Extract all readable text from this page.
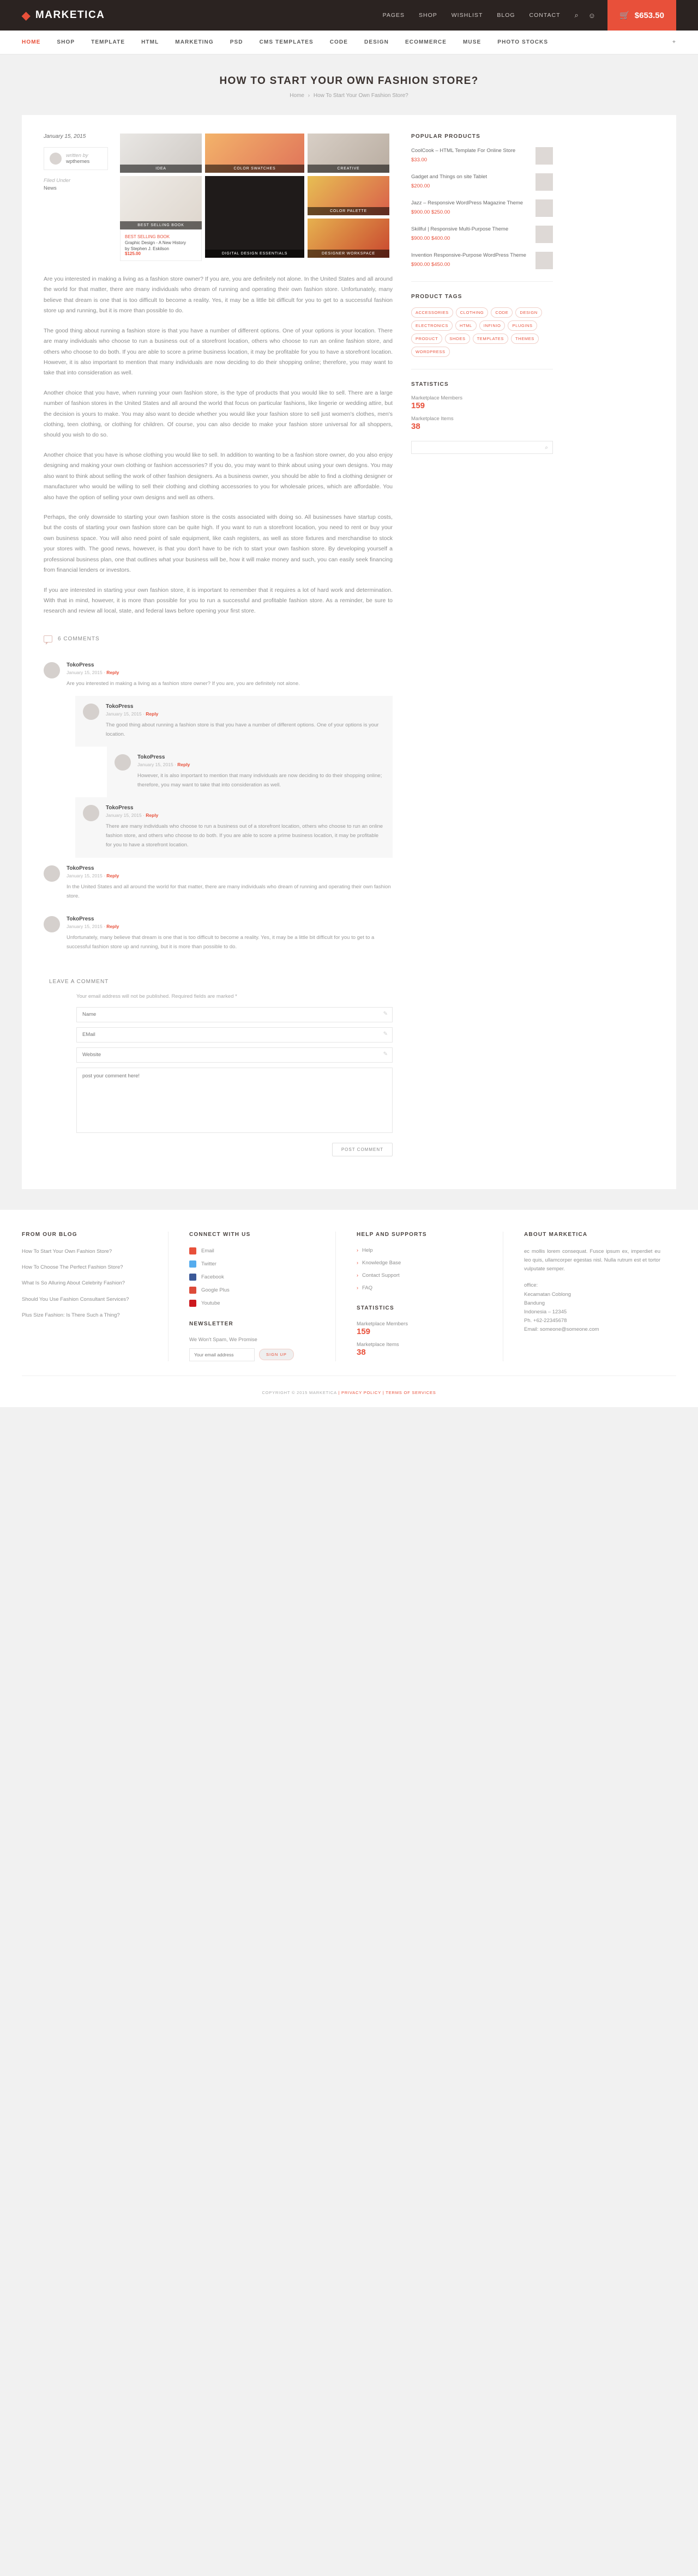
◆ MARKETICA	PAGES SHOP WISHLIST BLOG CONTACT ⌕ ☺	🛒 $653.50
HOME	SHOP	TEMPLATE	HTML	MARKETING	PSD	CMS TEMPLATES	CODE	DESIGN	ECOMMERCE	MUSE	PHOTO STOCKS	+
HOW TO START YOUR OWN FASHION STORE?
Home › How To Start Your Own Fashion Store?
January 15, 2015
written by
wpthemes
Filed Under
News
IDEA	COLOR SWATCHES	CREATIVE
BEST SELLING BOOK
BEST SELLING BOOK
Graphic Design - A New History
by Stephen J. Eskilson
$125.00	DIGITAL DESIGN ESSENTIALS
COLOR PALETTE
DESIGNER WORKSPACE

Are you interested in making a living as a fashion store owner? If you are, you are definitely not alone. In the United States and all around the world for that matter, there are many individuals who dream of running and operating their own fashion store. Unfortunately, many believe that dream is one that is too difficult to become a reality. Yes, it may be a little bit difficult for you to get to a successful fashion store up and running, but it is more than possible to do.

The good thing about running a fashion store is that you have a number of different options. One of your options is your location. There are many individuals who choose to run a business out of a storefront location, others who choose to run an online fashion store, and others who choose to do both. If you are able to score a prime business location, it may be profitable for you to have a storefront location. However, it is also important to mention that many individuals are now deciding to do their shopping online; therefore, you may want to take that into consideration as well.

Another choice that you have, when running your own fashion store, is the type of products that you would like to sell. There are a large number of fashion stores in the United States and all around the world that focus on particular fashions, like lingerie or wedding attire, but the decision is yours to make. You may also want to decide whether you would like your fashion store to sell just women's clothes, men's clothing, teen clothing, or clothing for children. Of course, you can also decide to make your fashion store universal for all shoppers, should you wish to do so.

Another choice that you have is whose clothing you would like to sell. In addition to wanting to be a fashion store owner, do you also enjoy designing and making your own clothing or fashion accessories? If you do, you may want to think about using your own designs. You may also want to think about selling the work of other fashion designers. As a business owner, you should be able to find a clothing designer or manufacturer who would be willing to sell their clothing and clothing accessories to you for wholesale prices, which are affordable. You also have the option of selling your own designs and well as others.

Perhaps, the only downside to starting your own fashion store is the costs associated with doing so. All businesses have startup costs, but the costs of starting your own fashion store can be quite high. If you want to run a storefront location, you need to rent or buy your own business space. You will also need point of sale equipment, like cash registers, as well as store fixtures and merchandise to stock your stores with. The good news, however, is that you don't have to be rich to start your own fashion store. By developing yourself a professional business plan, one that outlines what your business will be, how it will make money and such, you can easily seek financing from financial lenders or investors.

If you are interested in starting your own fashion store, it is important to remember that it requires a lot of hard work and determination. With that in mind, however, it is more than possible for you to run a successful and profitable fashion store. As a reminder, be sure to research and review all local, state, and federal laws before opening your first store.

6 COMMENTS
TokoPress
January 15, 2015 · Reply
Are you interested in making a living as a fashion store owner? If you are, you are definitely not alone.
TokoPress
January 15, 2015 · Reply
The good thing about running a fashion store is that you have a number of different options. One of your options is your location.
TokoPress
January 15, 2015 · Reply
However, it is also important to mention that many individuals are now deciding to do their shopping online; therefore, you may want to take that into consideration as well.
TokoPress
January 15, 2015 · Reply
There are many individuals who choose to run a business out of a storefront location, others who choose to run an online fashion store, and others who choose to do both. If you are able to score a prime business location, it may be profitable for you to have a storefront location.
TokoPress
January 15, 2015 · Reply
In the United States and all around the world for that matter, there are many individuals who dream of running and operating their own fashion store.
TokoPress
January 15, 2015 · Reply
Unfortunately, many believe that dream is one that is too difficult to become a reality. Yes, it may be a little bit difficult for you to get to a successful fashion store up and running, but it is more than possible to do.
LEAVE A COMMENT

Your email address will not be published. Required fields are marked *

Name
✎
EMail
✎
Website
✎
post your comment here!
POST COMMENT
POPULAR PRODUCTS
CoolCook – HTML Template For Online Store
$33.00
Gadget and Things on site Tablet
$200.00
Jazz – Responsive WordPress Magazine Theme
$900.00 $250.00
Skillful | Responsive Multi-Purpose Theme
$900.00 $400.00
Invention Responsive-Purpose WordPress Theme
$900.00 $450.00
PRODUCT TAGS
ACCESSORIES	CLOTHING	CODE	DESIGN
ELECTRONICS	HTML	INFINIO	PLUGINS
PRODUCT	SHOES	TEMPLATES	THEMES
WORDPRESS
STATISTICS
Marketplace Members
159
Marketplace Items
38
⌕
FROM OUR BLOG
How To Start Your Own Fashion Store?
How To Choose The Perfect Fashion Store?
What Is So Alluring About Celebrity Fashion?
Should You Use Fashion Consultant Services?
Plus Size Fashion: Is There Such a Thing?
CONNECT WITH US
Email
Twitter
Facebook
Google Plus
Youtube
NEWSLETTER
We Won't Spam, We Promise
Your email address
SIGN UP
HELP AND SUPPORTS
› Help
› Knowledge Base
› Contact Support
› FAQ
STATISTICS
Marketplace Members
159
Marketplace Items
38
ABOUT MARKETICA
ec mollis lorem consequat. Fusce ipsum ex, imperdiet eu leo quis, ullamcorper egestas nisl. Nulla rutrum est et tortor vulputate semper.
office:
Kecamatan Coblong
Bandung
Indonesia – 12345
Ph. +62-22345678
Email: someone@someone.com
COPYRIGHT © 2015 MARKETICA | PRIVACY POLICY | TERMS OF SERVICES
